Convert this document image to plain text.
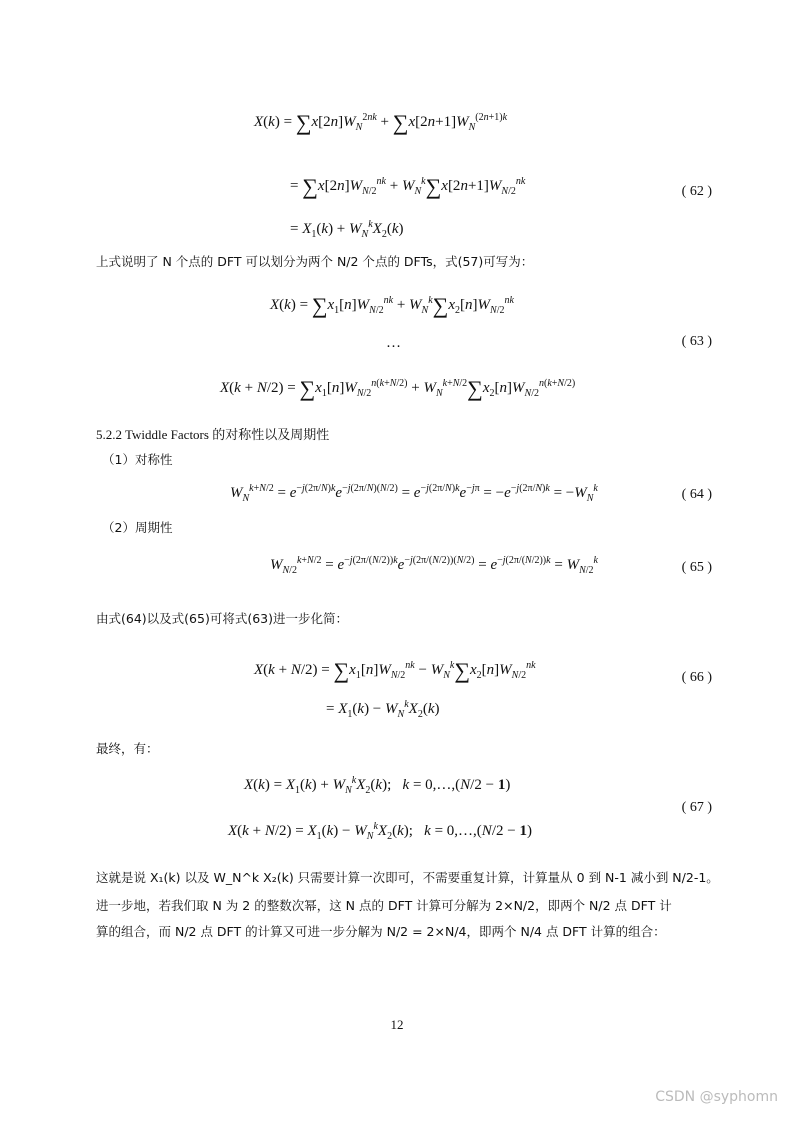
$X(k) = \sum x[2n]W_N^{2nk} + \sum x[2n+1]W_N^{(2n+1)k}$
= $\sum x[2n]W_{N/2}^{nk} + W_N^k\sum x[2n+1]W_{N/2}^{nk}$
= $X_1(k) + W_N^kX_2(k)$
( 62 )
上式说明了 N 个点的 DFT 可以划分为两个 N/2 个点的 DFTs，式(57)可写为：
$X(k) = \sum x_1[n]W_{N/2}^{nk} + W_N^k\sum x_2[n]W_{N/2}^{nk}$
…
$X(k + N/2) = \sum x_1[n]W_{N/2}^{n(k+N/2)} + W_N^{k+N/2}\sum x_2[n]W_{N/2}^{n(k+N/2)}$
( 63 )
5.2.2 Twiddle Factors 的对称性以及周期性
（1）对称性
$W_N^{k+N/2} = e^{-j(2\pi/N)k}e^{-j(2\pi/N)(N/2)} = e^{-j(2\pi/N)k}e^{-j\pi} = -e^{-j(2\pi/N)k} = -W_N^k$	( 64 )
（2）周期性
$W_{N/2}^{k+N/2} = e^{-j(2\pi/(N/2))k}e^{-j(2\pi/(N/2))(N/2)} = e^{-j(2\pi/(N/2))k} = W_{N/2}^k$	( 65 )
由式(64)以及式(65)可将式(63)进一步化简：
$X(k + N/2) = \sum x_1[n]W_{N/2}^{nk} - W_N^k\sum x_2[n]W_{N/2}^{nk}$
= $X_1(k) - W_N^kX_2(k)$
( 66 )
最终，有：
$X(k) = X_1(k) + W_N^kX_2(k)$;   k = 0,…,(N/2 − 1)
$X(k + N/2) = X_1(k) - W_N^kX_2(k)$;   k = 0,…,(N/2 − 1)
( 67 )
这就是说 X₁(k) 以及 W_N^k X₂(k) 只需要计算一次即可，不需要重复计算，计算量从 0 到 N-1 减小到 N/2-1。
进一步地，若我们取 N 为 2 的整数次幂，这 N 点的 DFT 计算可分解为 2×N/2，即两个 N/2 点 DFT 计
算的组合，而 N/2 点 DFT 的计算又可进一步分解为 N/2 = 2×N/4，即两个 N/4 点 DFT 计算的组合：
12
CSDN @syphomn
